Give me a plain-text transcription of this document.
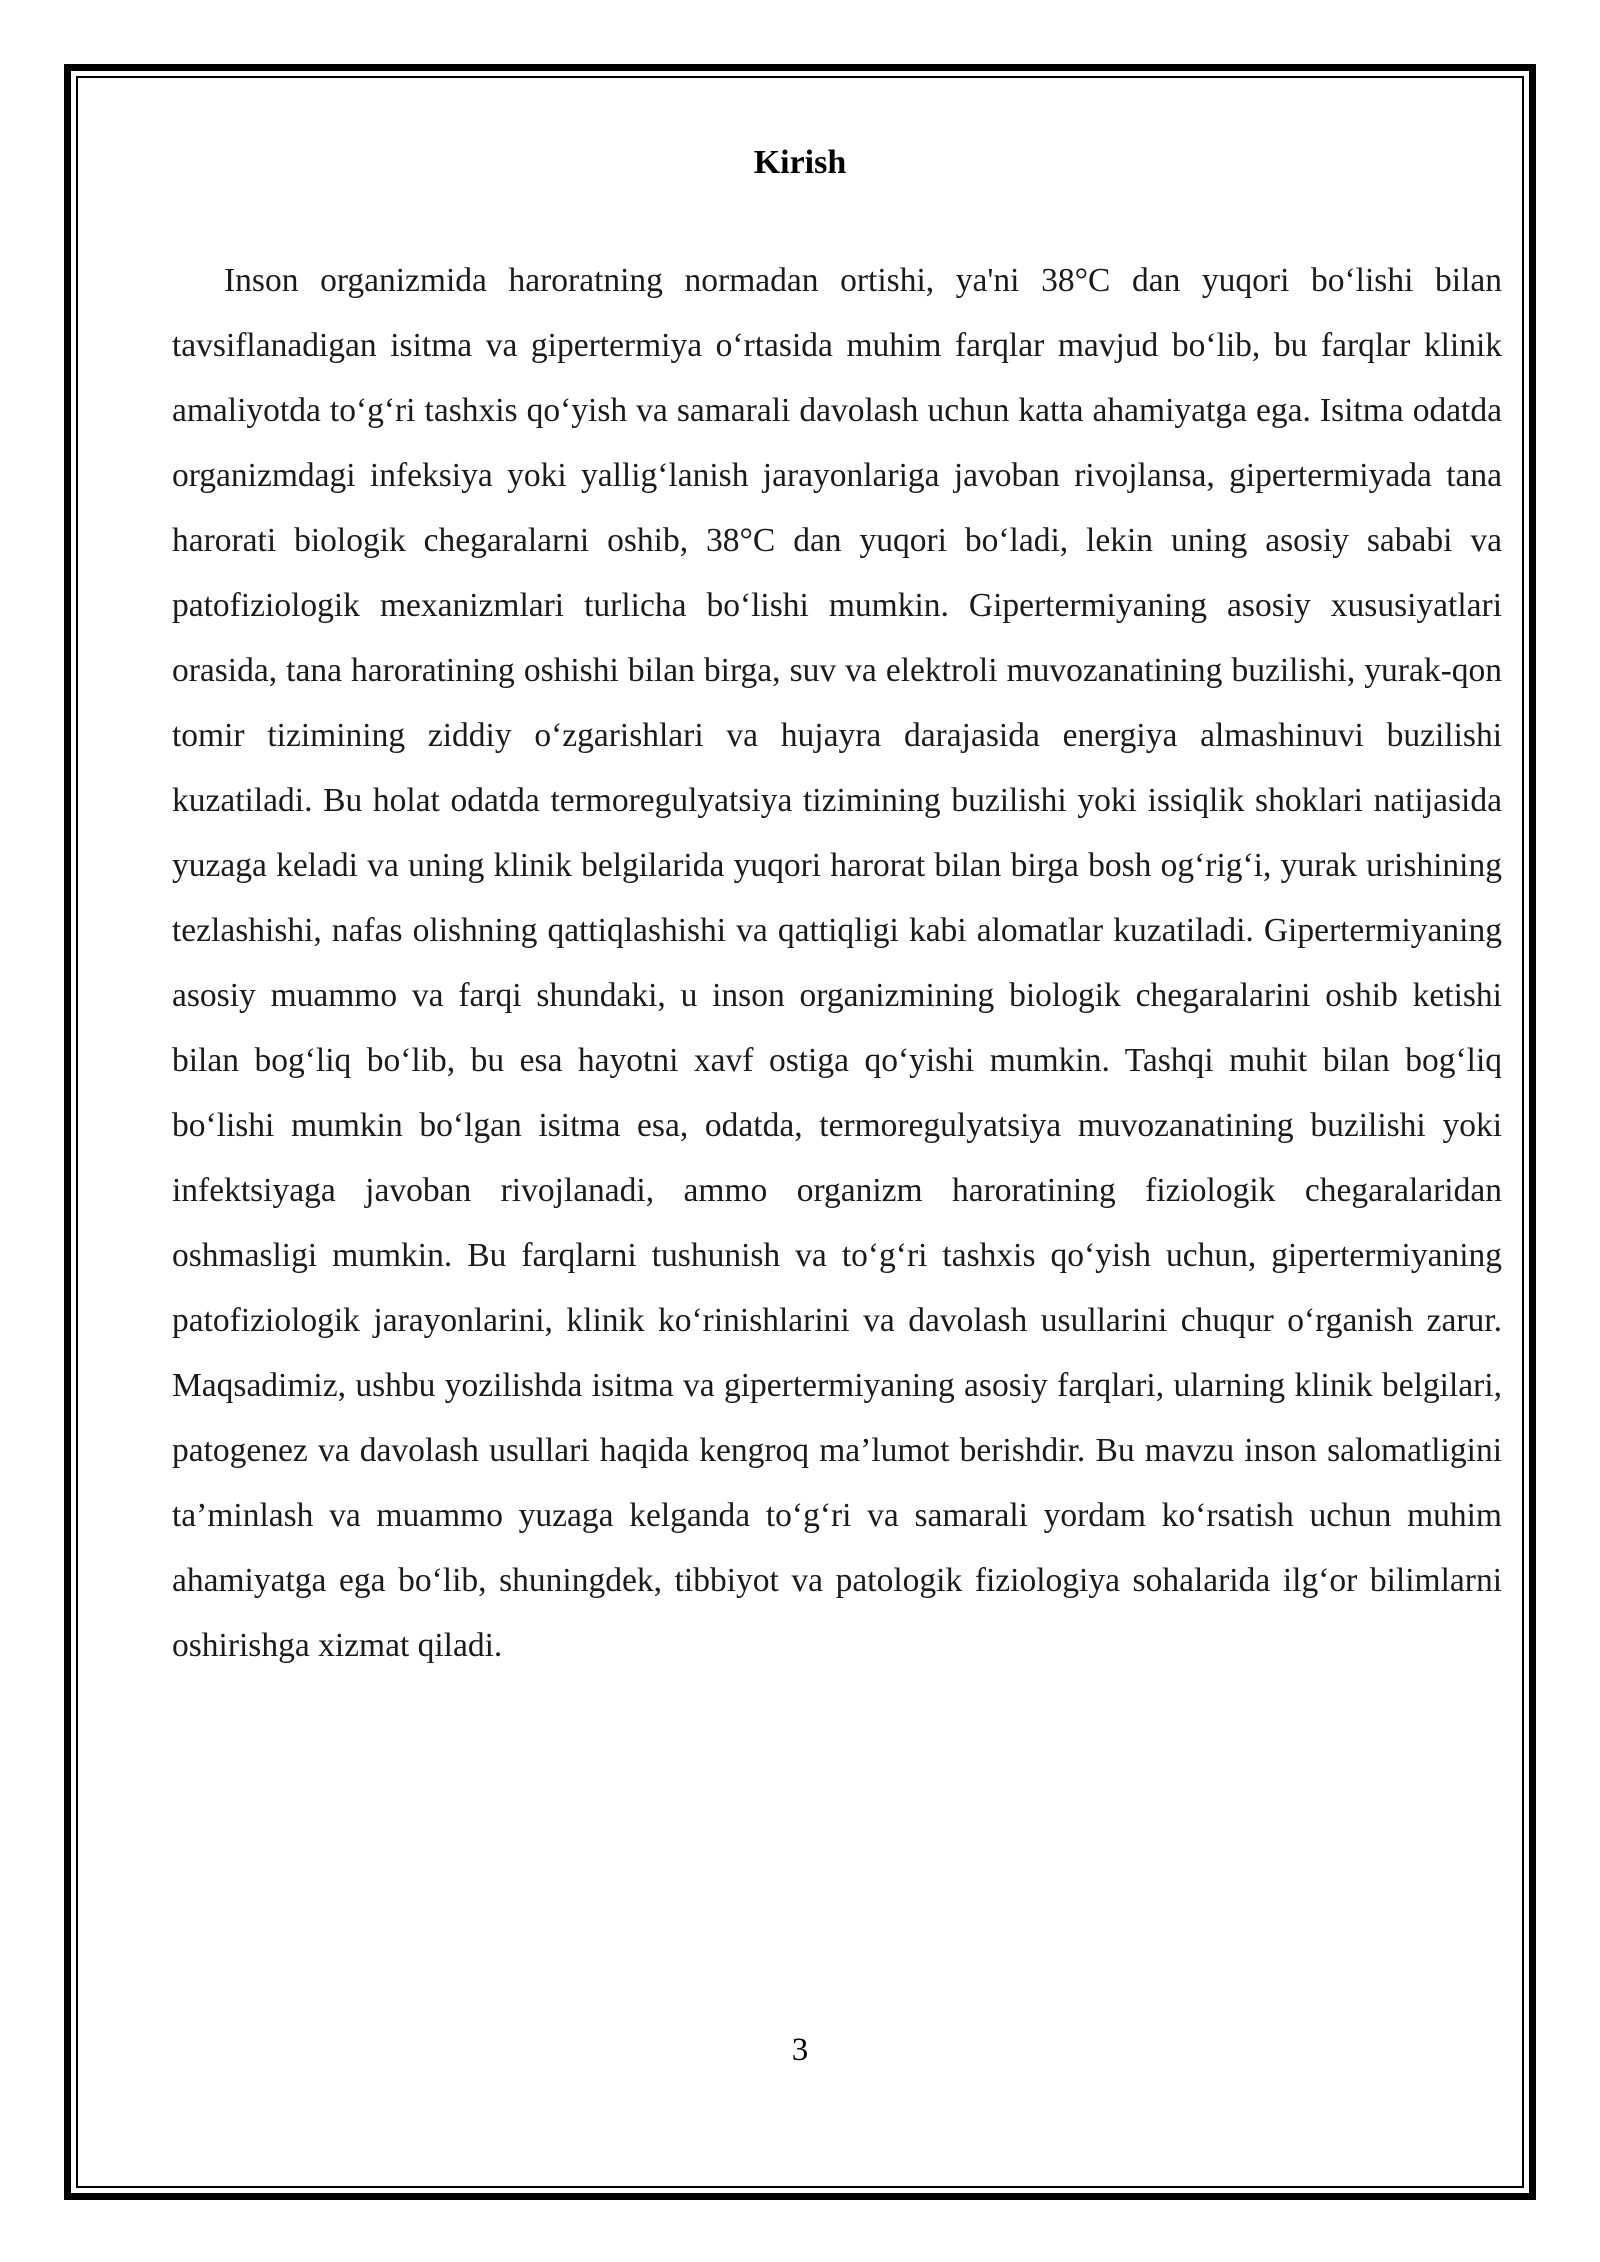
Kirish

Inson organizmida haroratning normadan ortishi, ya'ni 38°C dan yuqori bo‘lishi bilan tavsiflanadigan isitma va gipertermiya o‘rtasida muhim farqlar mavjud bo‘lib, bu farqlar klinik amaliyotda to‘g‘ri tashxis qo‘yish va samarali davolash uchun katta ahamiyatga ega. Isitma odatda organizmdagi infeksiya yoki yallig‘lanish jarayonlariga javoban rivojlansa, gipertermiyada tana harorati biologik chegaralarni oshib, 38°C dan yuqori bo‘ladi, lekin uning asosiy sababi va patofiziologik mexanizmlari turlicha bo‘lishi mumkin. Gipertermiyaning asosiy xususiyatlari orasida, tana haroratining oshishi bilan birga, suv va elektroli muvozanatining buzilishi, yurak-qon tomir tizimining ziddiy o‘zgarishlari va hujayra darajasida energiya almashinuvi buzilishi kuzatiladi. Bu holat odatda termoregulyatsiya tizimining buzilishi yoki issiqlik shoklari natijasida yuzaga keladi va uning klinik belgilarida yuqori harorat bilan birga bosh og‘rig‘i, yurak urishining tezlashishi, nafas olishning qattiqlashishi va qattiqligi kabi alomatlar kuzatiladi. Gipertermiyaning asosiy muammo va farqi shundaki, u inson organizmining biologik chegaralarini oshib ketishi bilan bog‘liq bo‘lib, bu esa hayotni xavf ostiga qo‘yishi mumkin. Tashqi muhit bilan bog‘liq bo‘lishi mumkin bo‘lgan isitma esa, odatda, termoregulyatsiya muvozanatining buzilishi yoki infektsiyaga javoban rivojlanadi, ammo organizm haroratining fiziologik chegaralaridan oshmasligi mumkin. Bu farqlarni tushunish va to‘g‘ri tashxis qo‘yish uchun, gipertermiyaning patofiziologik jarayonlarini, klinik ko‘rinishlarini va davolash usullarini chuqur o‘rganish zarur. Maqsadimiz, ushbu yozilishda isitma va gipertermiyaning asosiy farqlari, ularning klinik belgilari, patogenez va davolash usullari haqida kengroq ma’lumot berishdir. Bu mavzu inson salomatligini ta’minlash va muammo yuzaga kelganda to‘g‘ri va samarali yordam ko‘rsatish uchun muhim ahamiyatga ega bo‘lib, shuningdek, tibbiyot va patologik fiziologiya sohalarida ilg‘or bilimlarni oshirishga xizmat qiladi.

3
